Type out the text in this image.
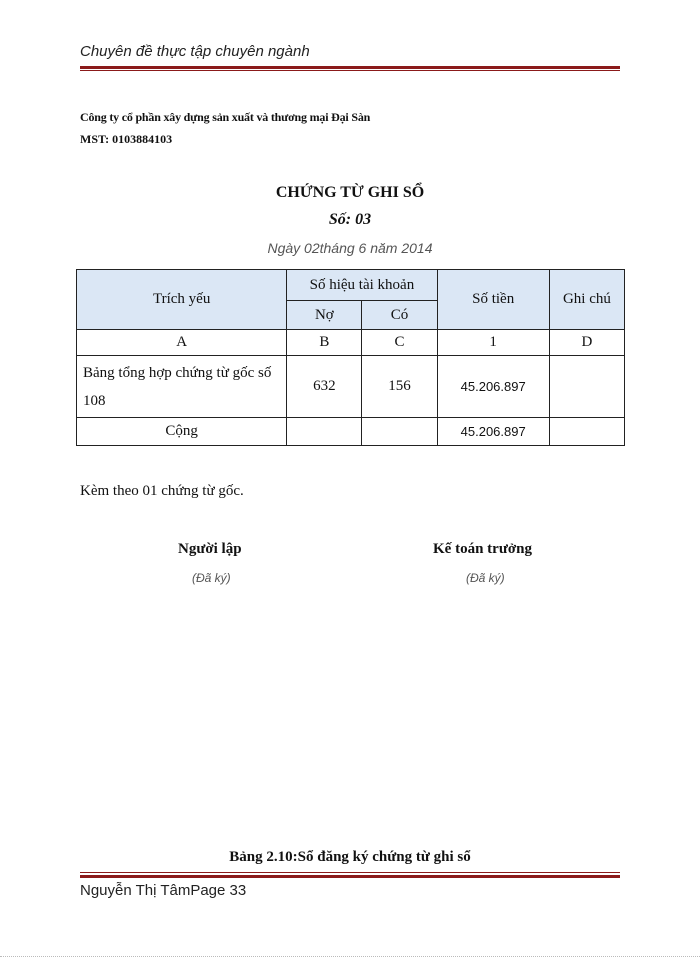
Chuyên đề thực tập chuyên ngành
Công ty cổ phần xây dựng sản xuất và thương mại Đại Sàn
MST: 0103884103
CHỨNG TỪ GHI SỔ
Số: 03
Ngày 02tháng 6 năm 2014
Trích yếu	Số hiệu tài khoản		Số tiền	Ghi chú
	Nợ	Có		
A	B	C	1	D
Bảng tổng hợp chứng từ gốc số 108	632	156	45.206.897	
Cộng			45.206.897	
Kèm theo 01 chứng từ gốc.
Người lập
(Đã ký)
Kế toán trưởng
(Đã ký)
Bảng 2.10:Sổ đăng ký chứng từ ghi sổ
Nguyễn Thị TâmPage 33
